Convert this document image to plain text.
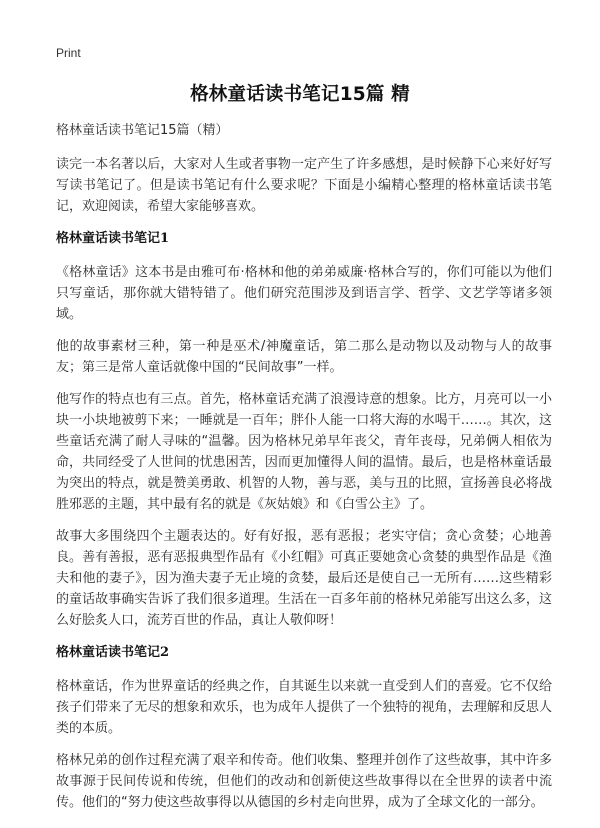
Print
格林童话读书笔记15篇 精
格林童话读书笔记15篇（精）

读完一本名著以后，大家对人生或者事物一定产生了许多感想，是时候静下心来好好写写读书笔记了。但是读书笔记有什么要求呢？下面是小编精心整理的格林童话读书笔记，欢迎阅读，希望大家能够喜欢。

格林童话读书笔记1

《格林童话》这本书是由雅可布·格林和他的弟弟威廉·格林合写的，你们可能以为他们只写童话，那你就大错特错了。他们研究范围涉及到语言学、哲学、文艺学等诸多领域。

他的故事素材三种，第一种是巫术/神魔童话，第二那么是动物以及动物与人的故事友；第三是常人童话就像中国的“民间故事”一样。

他写作的特点也有三点。首先，格林童话充满了浪漫诗意的想象。比方，月亮可以一小块一小块地被剪下来；一睡就是一百年；胖仆人能一口将大海的水喝干……。其次，这些童话充满了耐人寻味的“温馨。因为格林兄弟早年丧父，青年丧母，兄弟俩人相依为命，共同经受了人世间的忧患困苦，因而更加懂得人间的温情。最后，也是格林童话最为突出的特点，就是赞美勇敢、机智的人物，善与恶，美与丑的比照，宣扬善良必将战胜邪恶的主题，其中最有名的就是《灰姑娘》和《白雪公主》了。

故事大多围绕四个主题表达的。好有好报，恶有恶报；老实守信；贪心贪婪；心地善良。善有善报，恶有恶报典型作品有《小红帽》可真正要她贪心贪婪的典型作品是《渔夫和他的妻子》，因为渔夫妻子无止境的贪婪，最后还是使自己一无所有……这些精彩的童话故事确实告诉了我们很多道理。生活在一百多年前的格林兄弟能写出这么多，这么好脍炙人口，流芳百世的作品，真让人敬仰呀！

格林童话读书笔记2

格林童话，作为世界童话的经典之作，自其诞生以来就一直受到人们的喜爱。它不仅给孩子们带来了无尽的想象和欢乐，也为成年人提供了一个独特的视角，去理解和反思人类的本质。

格林兄弟的创作过程充满了艰辛和传奇。他们收集、整理并创作了这些故事，其中许多故事源于民间传说和传统，但他们的改动和创新使这些故事得以在全世界的读者中流传。他们的“努力使这些故事得以从德国的乡村走向世界，成为了全球文化的一部分。
